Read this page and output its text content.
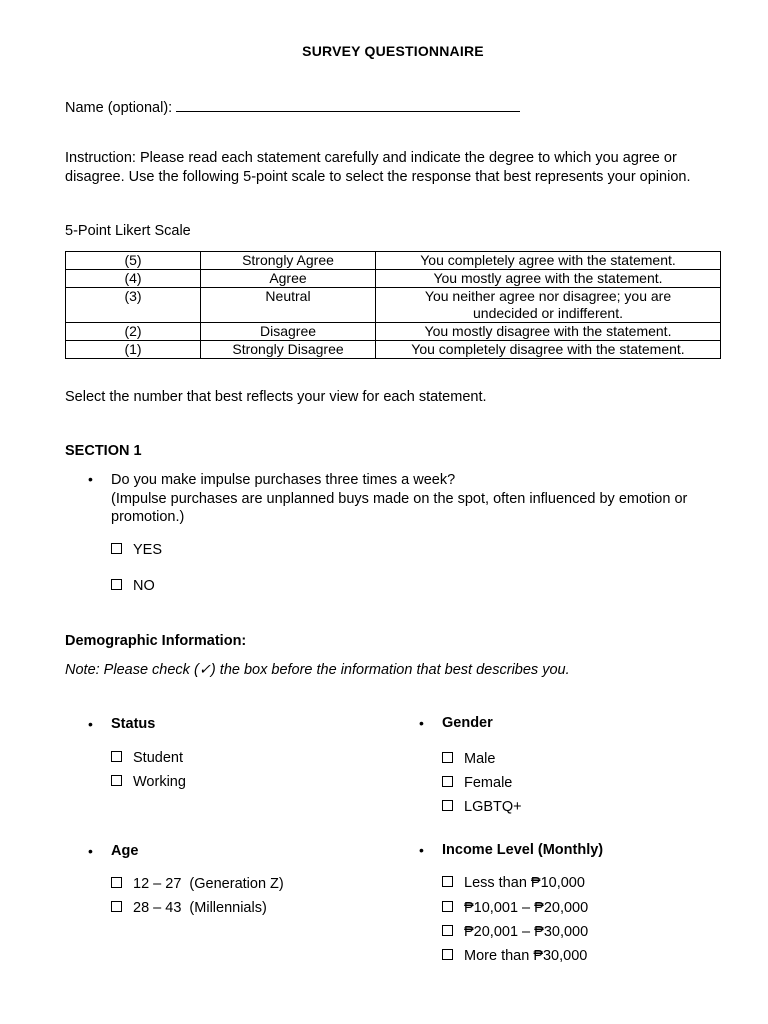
SURVEY QUESTIONNAIRE
Name (optional):
Instruction: Please read each statement carefully and indicate the degree to which you agree or disagree. Use the following 5-point scale to select the response that best represents your opinion.
5-Point Likert Scale
(5)	Strongly Agree	You completely agree with the statement.
(4)	Agree	You mostly agree with the statement.
(3)	Neutral	You neither agree nor disagree; you are undecided or indifferent.
(2)	Disagree	You mostly disagree with the statement.
(1)	Strongly Disagree	You completely disagree with the statement.
Select the number that best reflects your view for each statement.
SECTION 1
• Do you make impulse purchases three times a week?
(Impulse purchases are unplanned buys made on the spot, often influenced by emotion or promotion.)
YES
NO
Demographic Information:
Note: Please check (✓) the box before the information that best describes you.
• Status
Student
Working
• Gender
Male
Female
LGBTQ+
• Age
12 – 27  (Generation Z)
28 – 43  (Millennials)
• Income Level (Monthly)
Less than ₱10,000
₱10,001 – ₱20,000
₱20,001 – ₱30,000
More than ₱30,000
